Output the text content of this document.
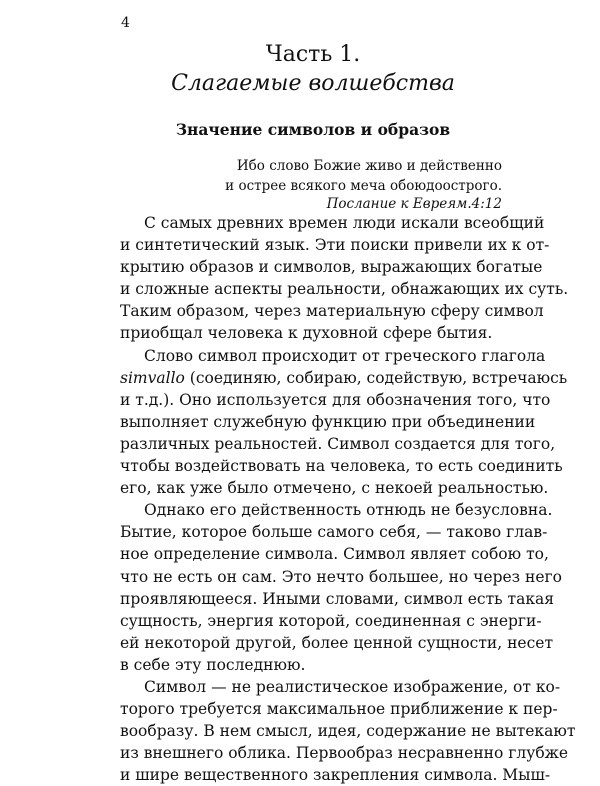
4
Часть 1.
Слагаемые волшебства
Значение символов и образов
Ибо слово Божие живо и действенно
и острее всякого меча обоюдоострого.
Послание к Евреям.4:12
С самых древних времен люди искали всеобщий
и синтетический язык. Эти поиски привели их к от-
крытию образов и символов, выражающих богатые
и сложные аспекты реальности, обнажающих их суть.
Таким образом, через материальную сферу символ
приобщал человека к духовной сфере бытия.
Слово символ происходит от греческого глагола
simvallo (соединяю, собираю, содействую, встречаюсь
и т.д.). Оно используется для обозначения того, что
выполняет служебную функцию при объединении
различных реальностей. Символ создается для того,
чтобы воздействовать на человека, то есть соединить
его, как уже было отмечено, с некоей реальностью.
Однако его действенность отнюдь не безусловна.
Бытие, которое больше самого себя, — таково глав-
ное определение символа. Символ являет собою то,
что не есть он сам. Это нечто большее, но через него
проявляющееся. Иными словами, символ есть такая
сущность, энергия которой, соединенная с энерги-
ей некоторой другой, более ценной сущности, несет
в себе эту последнюю.
Символ — не реалистическое изображение, от ко-
торого требуется максимальное приближение к пер-
вообразу. В нем смысл, идея, содержание не вытекают
из внешнего облика. Первообраз несравненно глубже
и шире вещественного закрепления символа. Мыш-
